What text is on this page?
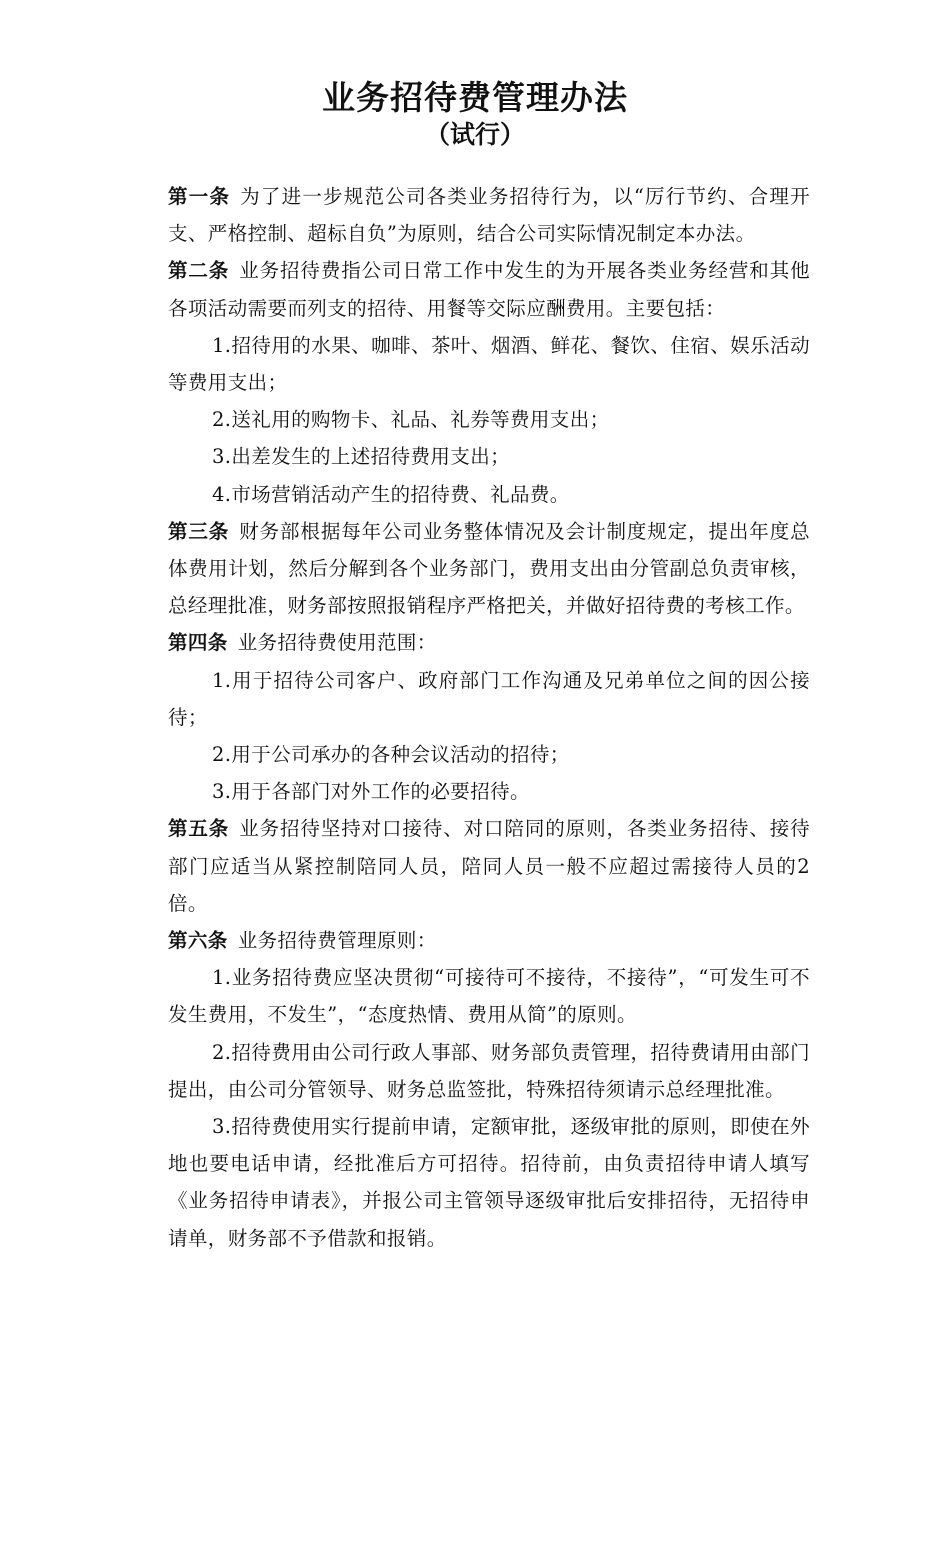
业务招待费管理办法
（试行）

第一条 为了进一步规范公司各类业务招待行为，以“厉行节约、合理开支、严格控制、超标自负”为原则，结合公司实际情况制定本办法。

第二条 业务招待费指公司日常工作中发生的为开展各类业务经营和其他各项活动需要而列支的招待、用餐等交际应酬费用。主要包括：

1.招待用的水果、咖啡、茶叶、烟酒、鲜花、餐饮、住宿、娱乐活动等费用支出；

2.送礼用的购物卡、礼品、礼券等费用支出；

3.出差发生的上述招待费用支出；

4.市场营销活动产生的招待费、礼品费。

第三条 财务部根据每年公司业务整体情况及会计制度规定，提出年度总体费用计划，然后分解到各个业务部门，费用支出由分管副总负责审核，总经理批准，财务部按照报销程序严格把关，并做好招待费的考核工作。

第四条 业务招待费使用范围：

1.用于招待公司客户、政府部门工作沟通及兄弟单位之间的因公接待；

2.用于公司承办的各种会议活动的招待；

3.用于各部门对外工作的必要招待。

第五条 业务招待坚持对口接待、对口陪同的原则，各类业务招待、接待部门应适当从紧控制陪同人员，陪同人员一般不应超过需接待人员的2倍。

第六条 业务招待费管理原则：

1.业务招待费应坚决贯彻“可接待可不接待，不接待”，“可发生可不发生费用，不发生”，“态度热情、费用从简”的原则。

2.招待费用由公司行政人事部、财务部负责管理，招待费请用由部门提出，由公司分管领导、财务总监签批，特殊招待须请示总经理批准。

3.招待费使用实行提前申请，定额审批，逐级审批的原则，即使在外地也要电话申请，经批准后方可招待。招待前，由负责招待申请人填写《业务招待申请表》，并报公司主管领导逐级审批后安排招待，无招待申请单，财务部不予借款和报销。
